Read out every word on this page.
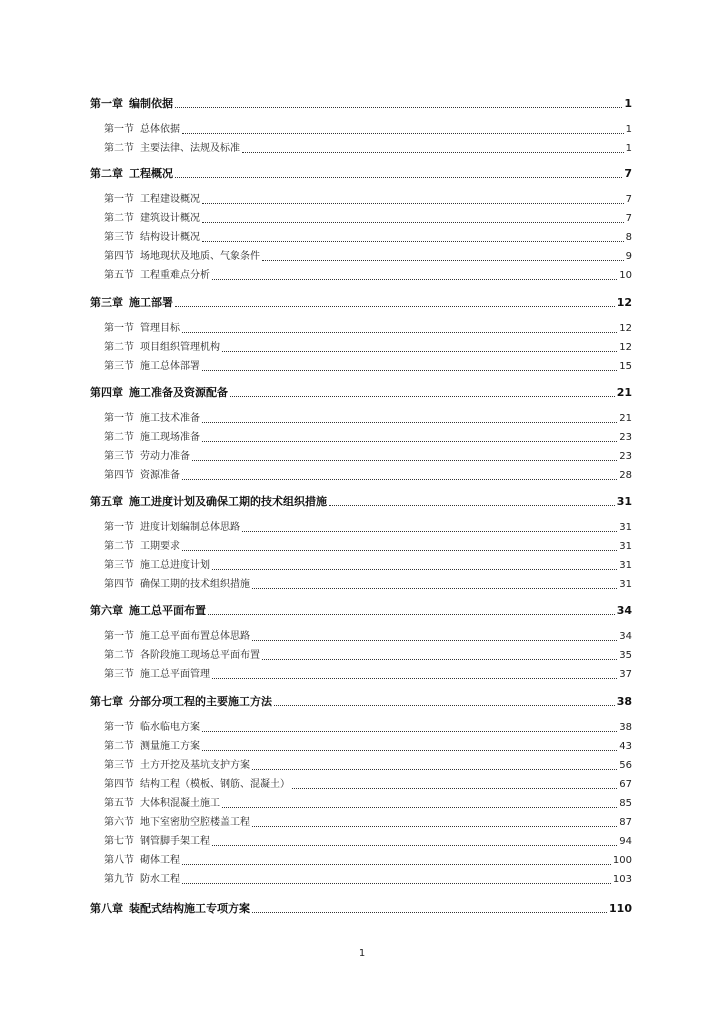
第一章 编制依据	1
第一节 总体依据	1
第二节 主要法律、法规及标准	1
第二章 工程概况	7
第一节 工程建设概况	7
第二节 建筑设计概况	7
第三节 结构设计概况	8
第四节 场地现状及地质、气象条件	9
第五节 工程重难点分析	10
第三章 施工部署	12
第一节 管理目标	12
第二节 项目组织管理机构	12
第三节 施工总体部署	15
第四章 施工准备及资源配备	21
第一节 施工技术准备	21
第二节 施工现场准备	23
第三节 劳动力准备	23
第四节 资源准备	28
第五章 施工进度计划及确保工期的技术组织措施	31
第一节 进度计划编制总体思路	31
第二节 工期要求	31
第三节 施工总进度计划	31
第四节 确保工期的技术组织措施	31
第六章 施工总平面布置	34
第一节 施工总平面布置总体思路	34
第二节 各阶段施工现场总平面布置	35
第三节 施工总平面管理	37
第七章 分部分项工程的主要施工方法	38
第一节 临水临电方案	38
第二节 测量施工方案	43
第三节 土方开挖及基坑支护方案	56
第四节 结构工程（模板、钢筋、混凝土）	67
第五节 大体积混凝土施工	85
第六节 地下室密肋空腔楼盖工程	87
第七节 钢管脚手架工程	94
第八节 砌体工程	100
第九节 防水工程	103
第八章 装配式结构施工专项方案	110
1
